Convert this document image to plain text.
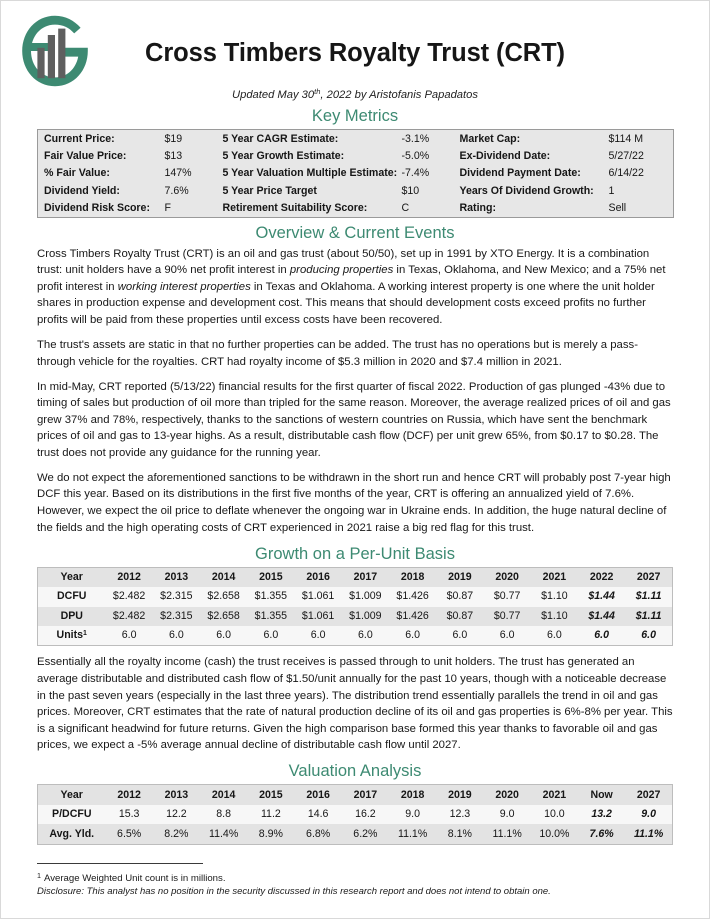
Cross Timbers Royalty Trust (CRT)
Updated May 30th, 2022 by Aristofanis Papadatos
Key Metrics
Current Price:	$19	5 Year CAGR Estimate:	-3.1%	Market Cap:	$114 M
Fair Value Price:	$13	5 Year Growth Estimate:	-5.0%	Ex-Dividend Date:	5/27/22
% Fair Value:	147%	5 Year Valuation Multiple Estimate:	-7.4%	Dividend Payment Date:	6/14/22
Dividend Yield:	7.6%	5 Year Price Target	$10	Years Of Dividend Growth:	1
Dividend Risk Score:	F	Retirement Suitability Score:	C	Rating:	Sell
Overview & Current Events

Cross Timbers Royalty Trust (CRT) is an oil and gas trust (about 50/50), set up in 1991 by XTO Energy. It is a combination trust: unit holders have a 90% net profit interest in producing properties in Texas, Oklahoma, and New Mexico; and a 75% net profit interest in working interest properties in Texas and Oklahoma. A working interest property is one where the unit holder shares in production expense and development cost. This means that should development costs exceed profits no further profits will be paid from these properties until excess costs have been recovered.

The trust's assets are static in that no further properties can be added. The trust has no operations but is merely a pass-through vehicle for the royalties. CRT had royalty income of $5.3 million in 2020 and $7.4 million in 2021.

In mid-May, CRT reported (5/13/22) financial results for the first quarter of fiscal 2022. Production of gas plunged -43% due to timing of sales but production of oil more than tripled for the same reason. Moreover, the average realized prices of oil and gas grew 37% and 78%, respectively, thanks to the sanctions of western countries on Russia, which have sent the benchmark prices of oil and gas to 13-year highs. As a result, distributable cash flow (DCF) per unit grew 65%, from $0.17 to $0.28. The trust does not provide any guidance for the running year.

We do not expect the aforementioned sanctions to be withdrawn in the short run and hence CRT will probably post 7-year high DCF this year. Based on its distributions in the first five months of the year, CRT is offering an annualized yield of 7.6%. However, we expect the oil price to deflate whenever the ongoing war in Ukraine ends. In addition, the huge natural decline of the fields and the high operating costs of CRT experienced in 2021 raise a big red flag for this trust.

Growth on a Per-Unit Basis
Year	2012	2013	2014	2015	2016	2017	2018	2019	2020	2021	2022	2027
DCFU	$2.482	$2.315	$2.658	$1.355	$1.061	$1.009	$1.426	$0.87	$0.77	$1.10	$1.44	$1.11
DPU	$2.482	$2.315	$2.658	$1.355	$1.061	$1.009	$1.426	$0.87	$0.77	$1.10	$1.44	$1.11
Units$^1$	6.0	6.0	6.0	6.0	6.0	6.0	6.0	6.0	6.0	6.0	6.0	6.0

Essentially all the royalty income (cash) the trust receives is passed through to unit holders. The trust has generated an average distributable and distributed cash flow of $1.50/unit annually for the past 10 years, though with a noticeable decrease in the past seven years (especially in the last three years). The distribution trend essentially parallels the trend in oil and gas prices. Moreover, CRT estimates that the rate of natural production decline of its oil and gas properties is 6%-8% per year. This is a significant headwind for future returns. Given the high comparison base formed this year thanks to favorable oil and gas prices, we expect a -5% average annual decline of distributable cash flow until 2027.

Valuation Analysis
Year	2012	2013	2014	2015	2016	2017	2018	2019	2020	2021	Now	2027
P/DCFU	15.3	12.2	8.8	11.2	14.6	16.2	9.0	12.3	9.0	10.0	13.2	9.0
Avg. Yld.	6.5%	8.2%	11.4%	8.9%	6.8%	6.2%	11.1%	8.1%	11.1%	10.0%	7.6%	11.1%
$^1$ Average Weighted Unit count is in millions.
Disclosure: This analyst has no position in the security discussed in this research report and does not intend to obtain one.
